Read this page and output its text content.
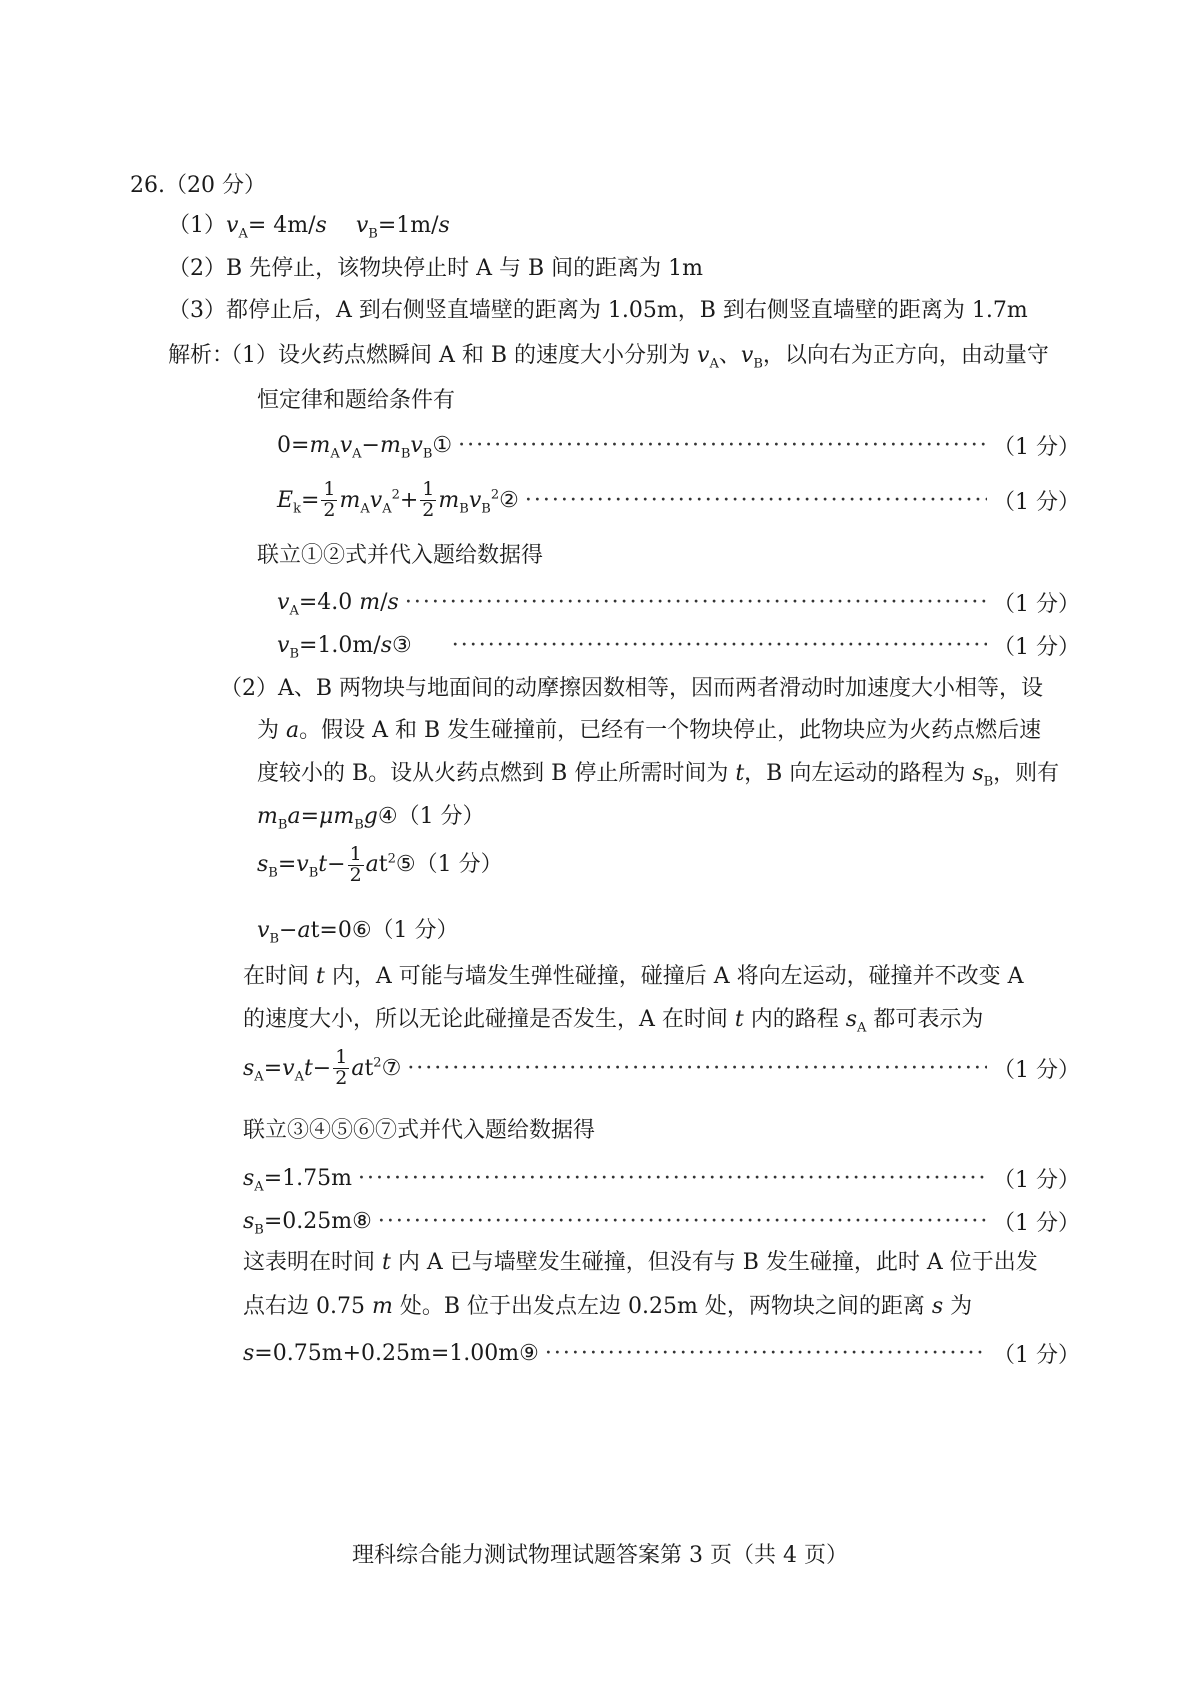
26.（20 分）
$(1)v_A= 4m/s$　 $v_B=1m/s$
（2）B 先停止，该物块停止时 A 与 B 间的距离为 1m
（3）都停止后，A 到右侧竖直墙壁的距离为 1.05m，B 到右侧竖直墙壁的距离为 1.7m
解析：
（1）设火药点燃瞬间 A 和 B 的速度大小分别为 $v_A$、$v_B$，以向右为正方向，由动量守
恒定律和题给条件有
$0=m_Av_A-m_Bv_B①$ ·····	（1 分）
$E_k= \frac{1}{2} m_Av_A^2+ \frac{1}{2}$ $m_Bv_B^2②$ ·····	（1 分）
联立①②式并代入题给数据得
$v_A=4.0$ m/s ·····	（1 分）
$v_B=1.0m/s③$ ·····	（1 分）
（2）A、B 两物块与地面间的动摩擦因数相等，因而两者滑动时加速度大小相等，设
为 a。假设 A 和 B 发生碰撞前，已经有一个物块停止，此物块应为火药点燃后速
度较小的 B。设从火药点燃到 B 停止所需时间为 t，B 向左运动的路程为 $s_B$，则有
$m_Ba=\mu m_Bg④(1$ 分）
$s_B=v_Bt- \frac{1}{2}$ $at^2⑤(1$ 分）
$v_B-at=0⑥(1$ 分）
在时间 t 内，A 可能与墙发生弹性碰撞，碰撞后 A 将向左运动，碰撞并不改变 A
的速度大小，所以无论此碰撞是否发生，A 在时间 t 内的路程 $s_A$ 都可表示为
$s_A=v_At- \frac{1}{2}$ $at^2⑦$ ·····	（1 分）
联立③④⑤⑥⑦式并代入题给数据得
$s_A=1.75m$ ·····	（1 分）
$s_B=0.25m⑧$ ·····	（1 分）
这表明在时间 t 内 A 已与墙壁发生碰撞，但没有与 B 发生碰撞，此时 A 位于出发
点右边 0.75 m 处。B 位于出发点左边 0.25m 处，两物块之间的距离 s 为
s=0.75m+0.25m=1.00m⑨ ·····	（1 分）
理科综合能力测试物理试题答案第 3 页（共 4 页）
